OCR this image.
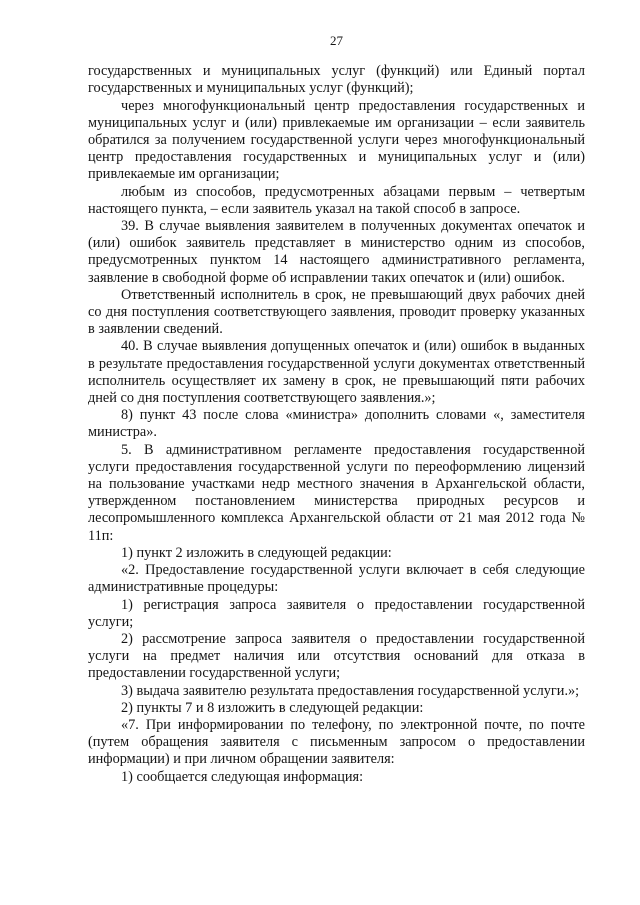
27

государственных и муниципальных услуг (функций) или Единый портал государственных и муниципальных услуг (функций);

через многофункциональный центр предоставления государственных и муниципальных услуг и (или) привлекаемые им организации – если заявитель обратился за получением государственной услуги через многофункциональный центр предоставления государственных и муниципальных услуг и (или) привлекаемые им организации;

любым из способов, предусмотренных абзацами первым – четвертым настоящего пункта, – если заявитель указал на такой способ в запросе.

39. В случае выявления заявителем в полученных документах опечаток и (или) ошибок заявитель представляет в министерство одним из способов, предусмотренных пунктом 14 настоящего административного регламента, заявление в свободной форме об исправлении таких опечаток и (или) ошибок.

Ответственный исполнитель в срок, не превышающий двух рабочих дней со дня поступления соответствующего заявления, проводит проверку указанных в заявлении сведений.

40. В случае выявления допущенных опечаток и (или) ошибок в выданных в результате предоставления государственной услуги документах ответственный исполнитель осуществляет их замену в срок, не превышающий пяти рабочих дней со дня поступления соответствующего заявления.»;

8) пункт 43 после слова «министра» дополнить словами «, заместителя министра».

5. В административном регламенте предоставления государственной услуги предоставления государственной услуги по переоформлению лицензий на пользование участками недр местного значения в Архангельской области, утвержденном постановлением министерства природных ресурсов и лесопромышленного комплекса Архангельской области от 21 мая 2012 года № 11п:

1) пункт 2 изложить в следующей редакции:

«2. Предоставление государственной услуги включает в себя следующие административные процедуры:

1) регистрация запроса заявителя о предоставлении государственной услуги;

2) рассмотрение запроса заявителя о предоставлении государственной услуги на предмет наличия или отсутствия оснований для отказа в предоставлении государственной услуги;

3) выдача заявителю результата предоставления государственной услуги.»;

2) пункты 7 и 8 изложить в следующей редакции:

«7. При информировании по телефону, по электронной почте, по почте (путем обращения заявителя с письменным запросом о предоставлении информации) и при личном обращении заявителя:

1) сообщается следующая информация:
